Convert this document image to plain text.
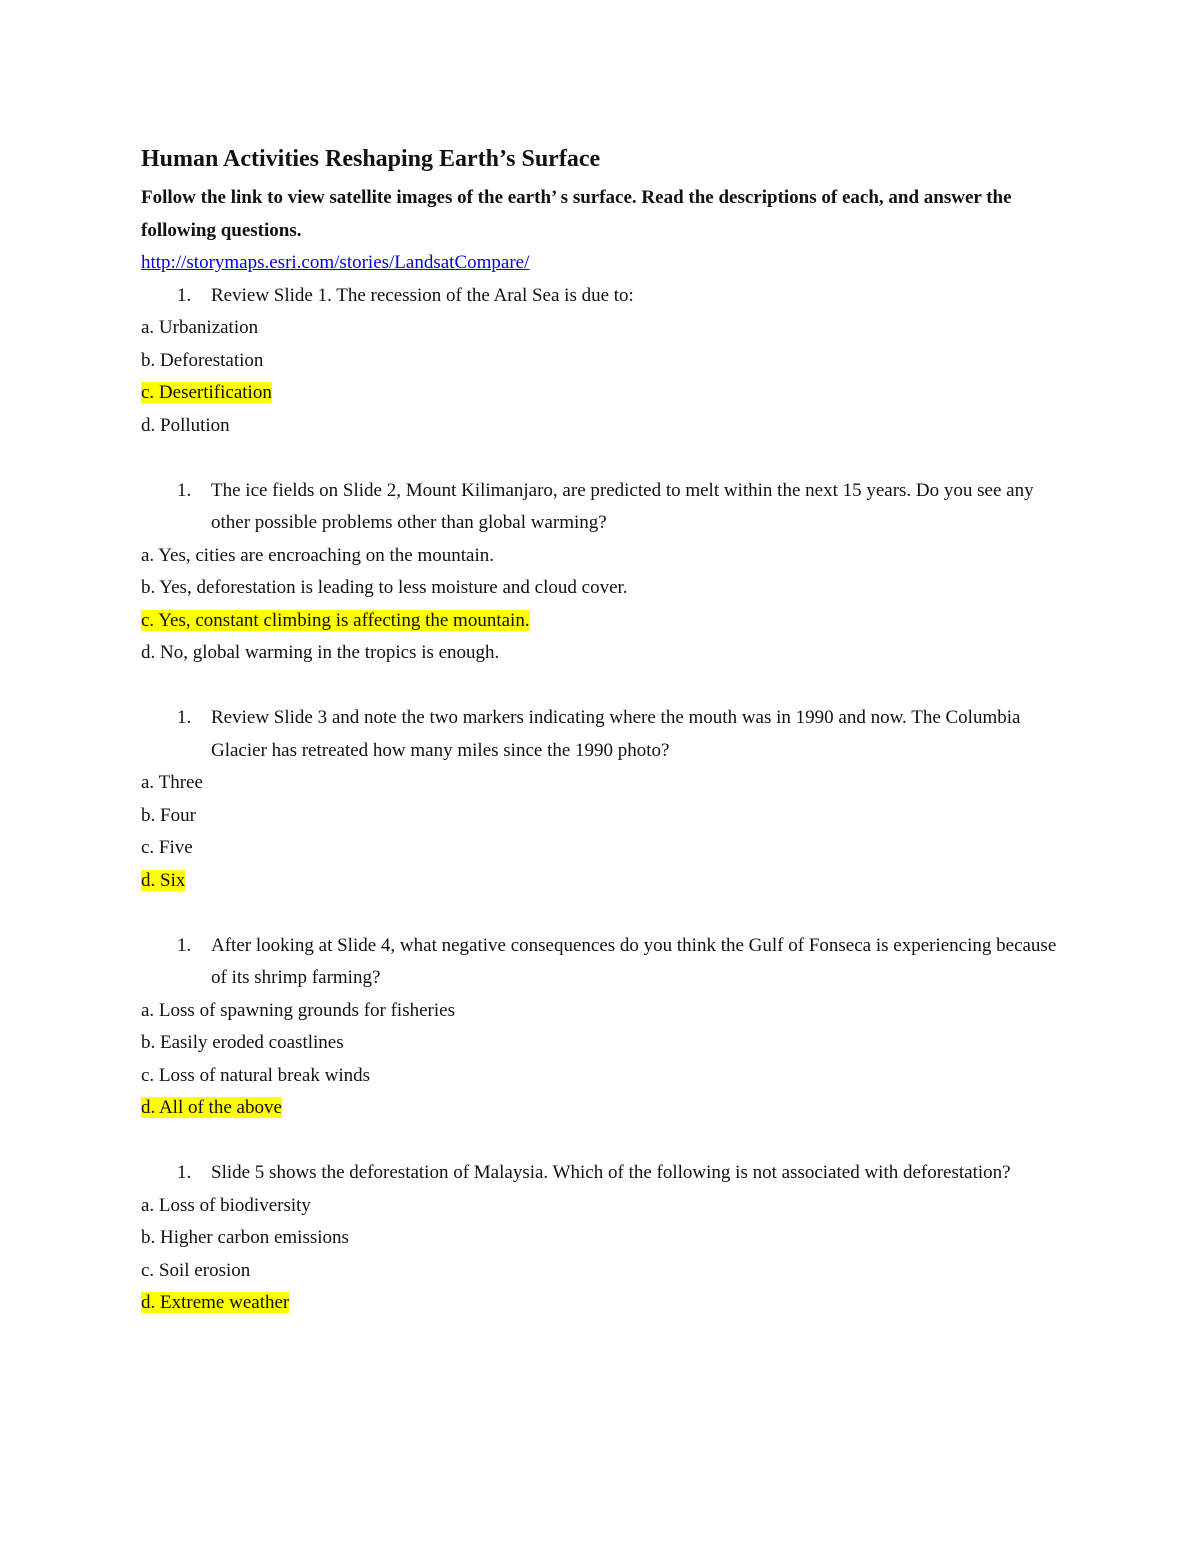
Human Activities Reshaping Earth’s Surface

Follow the link to view satellite images of the earth’ s surface. Read the descriptions of each, and answer the following questions.

http://storymaps.esri.com/stories/LandsatCompare/

1.	Review Slide 1. The recession of the Aral Sea is due to:
a. Urbanization
b. Deforestation
c. Desertification
d. Pollution
1.	The ice fields on Slide 2, Mount Kilimanjaro, are predicted to melt within the next 15 years. Do you see any other possible problems other than global warming?
a. Yes, cities are encroaching on the mountain.
b. Yes, deforestation is leading to less moisture and cloud cover.
c. Yes, constant climbing is affecting the mountain.
d. No, global warming in the tropics is enough.
1.	Review Slide 3 and note the two markers indicating where the mouth was in 1990 and now. The Columbia Glacier has retreated how many miles since the 1990 photo?
a. Three
b. Four
c. Five
d. Six
1.	After looking at Slide 4, what negative consequences do you think the Gulf of Fonseca is experiencing because of its shrimp farming?
a. Loss of spawning grounds for fisheries
b. Easily eroded coastlines
c. Loss of natural break winds
d. All of the above
1.	Slide 5 shows the deforestation of Malaysia. Which of the following is not associated with deforestation?
a. Loss of biodiversity
b. Higher carbon emissions
c. Soil erosion
d. Extreme weather
